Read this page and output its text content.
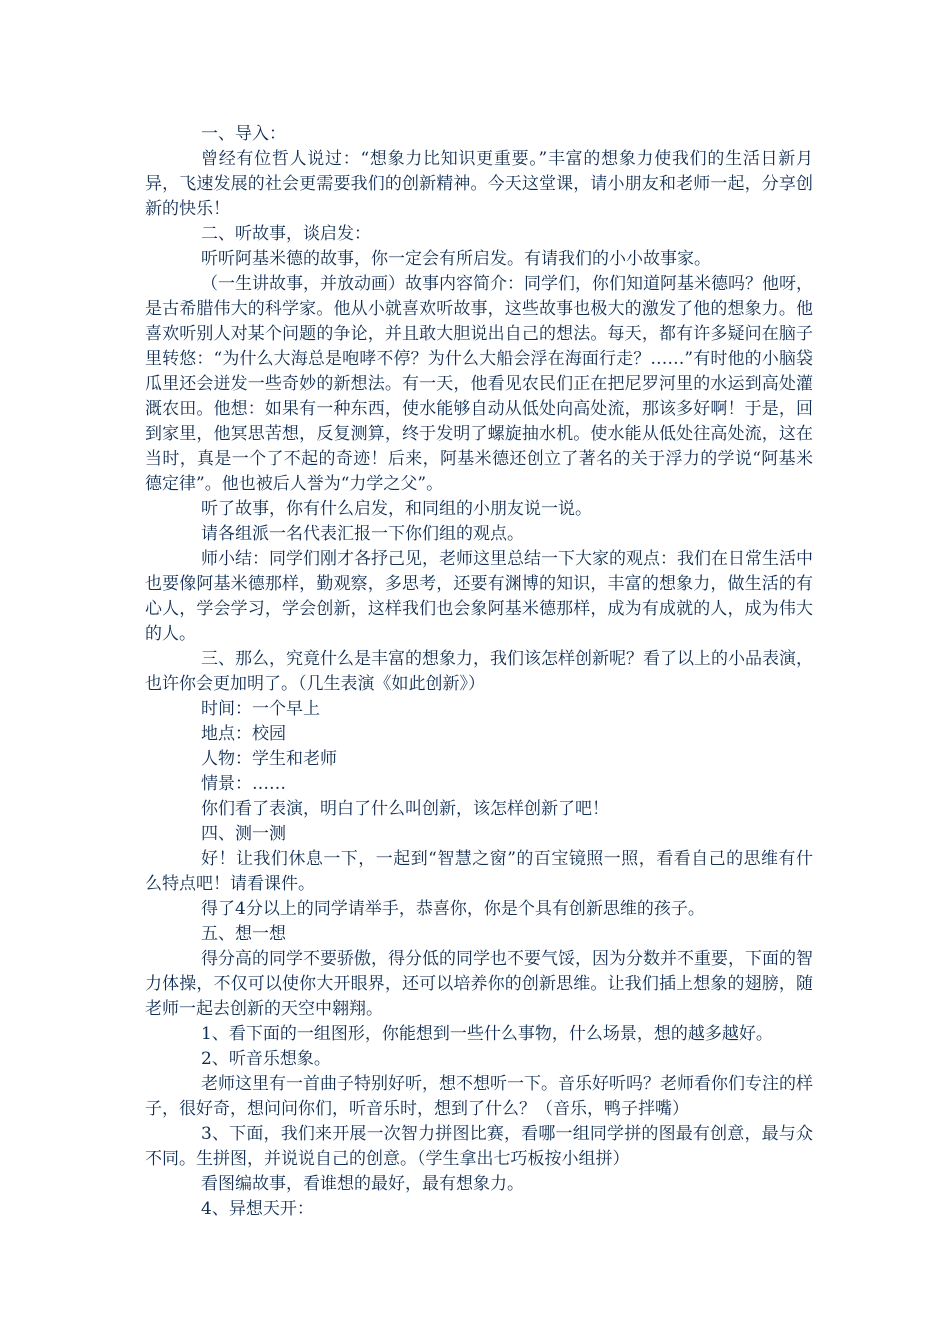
一、导入：

曾经有位哲人说过：“想象力比知识更重要。”丰富的想象力使我们的生活日新月异，飞速发展的社会更需要我们的创新精神。今天这堂课，请小朋友和老师一起，分享创新的快乐！

二、听故事，谈启发：

听听阿基米德的故事，你一定会有所启发。有请我们的小小故事家。

（一生讲故事，并放动画）故事内容简介：同学们，你们知道阿基米德吗？他呀，是古希腊伟大的科学家。他从小就喜欢听故事，这些故事也极大的激发了他的想象力。他喜欢听别人对某个问题的争论，并且敢大胆说出自己的想法。每天，都有许多疑问在脑子里转悠：“为什么大海总是咆哮不停？为什么大船会浮在海面行走？……”有时他的小脑袋瓜里还会迸发一些奇妙的新想法。有一天，他看见农民们正在把尼罗河里的水运到高处灌溉农田。他想：如果有一种东西，使水能够自动从低处向高处流，那该多好啊！于是，回到家里，他冥思苦想，反复测算，终于发明了螺旋抽水机。使水能从低处往高处流，这在当时，真是一个了不起的奇迹！后来，阿基米德还创立了著名的关于浮力的学说“阿基米德定律”。他也被后人誉为“力学之父”。

听了故事，你有什么启发，和同组的小朋友说一说。

请各组派一名代表汇报一下你们组的观点。

师小结：同学们刚才各抒己见，老师这里总结一下大家的观点：我们在日常生活中也要像阿基米德那样，勤观察，多思考，还要有渊博的知识，丰富的想象力，做生活的有心人，学会学习，学会创新，这样我们也会象阿基米德那样，成为有成就的人，成为伟大的人。

三、那么，究竟什么是丰富的想象力，我们该怎样创新呢？看了以上的小品表演，也许你会更加明了。（几生表演《如此创新》）

时间：一个早上

地点：校园

人物：学生和老师

情景：……

你们看了表演，明白了什么叫创新，该怎样创新了吧！

四、测一测

好！让我们休息一下，一起到“智慧之窗”的百宝镜照一照，看看自己的思维有什么特点吧！请看课件。

得了4分以上的同学请举手，恭喜你，你是个具有创新思维的孩子。

五、想一想

得分高的同学不要骄傲，得分低的同学也不要气馁，因为分数并不重要，下面的智力体操，不仅可以使你大开眼界，还可以培养你的创新思维。让我们插上想象的翅膀，随老师一起去创新的天空中翱翔。

1、看下面的一组图形，你能想到一些什么事物，什么场景，想的越多越好。

2、听音乐想象。

老师这里有一首曲子特别好听，想不想听一下。音乐好听吗？老师看你们专注的样子，很好奇，想问问你们，听音乐时，想到了什么？（音乐，鸭子拌嘴）

3、下面，我们来开展一次智力拼图比赛，看哪一组同学拼的图最有创意，最与众不同。生拼图，并说说自己的创意。（学生拿出七巧板按小组拼）

看图编故事，看谁想的最好，最有想象力。

4、异想天开：
